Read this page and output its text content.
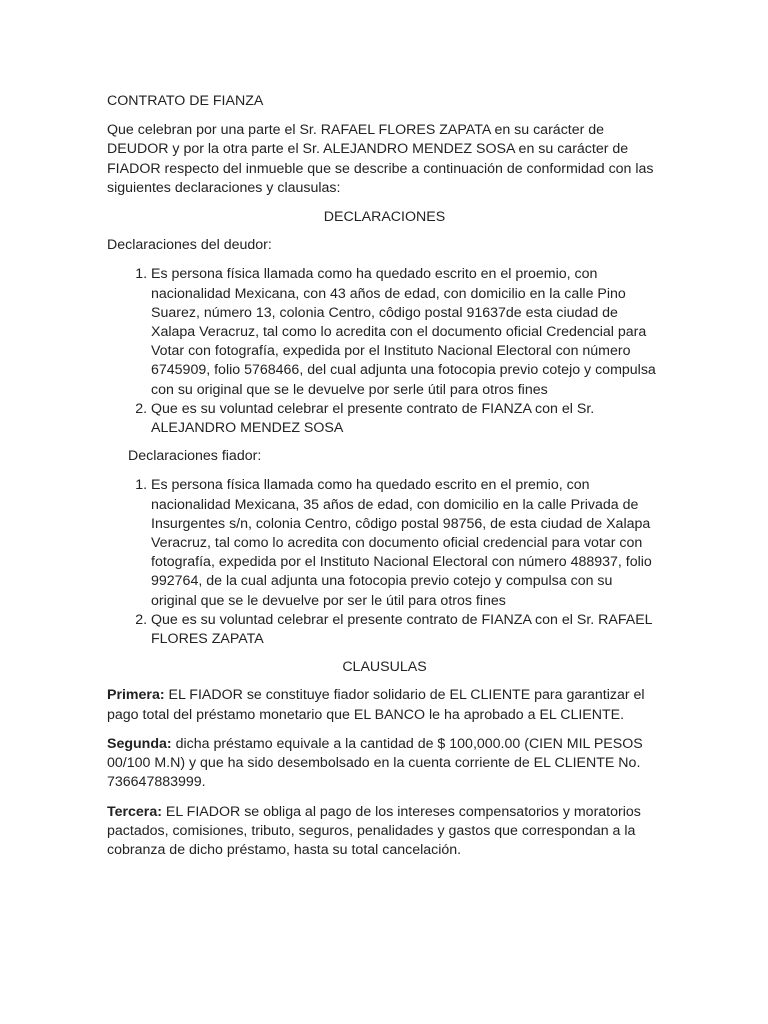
CONTRATO DE FIANZA

Que celebran por una parte el Sr. RAFAEL FLORES ZAPATA en su carácter de DEUDOR y por la otra parte el Sr. ALEJANDRO MENDEZ SOSA en su carácter de FIADOR respecto del inmueble que se describe a continuación de conformidad con las siguientes declaraciones y clausulas:

DECLARACIONES

Declaraciones del deudor:

1. Es persona física llamada como ha quedado escrito en el proemio, con nacionalidad Mexicana, con 43 años de edad, con domicilio en la calle Pino Suarez, número 13, colonia Centro, côdigo postal 91637de esta ciudad de Xalapa Veracruz, tal como lo acredita con el documento oficial Credencial para Votar con fotografía, expedida por el Instituto Nacional Electoral con número 6745909, folio 5768466, del cual adjunta una fotocopia previo cotejo y compulsa con su original que se le devuelve por serle útil para otros fines
2. Que es su voluntad celebrar el presente contrato de FIANZA con el Sr. ALEJANDRO MENDEZ SOSA

Declaraciones fiador:

1. Es persona física llamada como ha quedado escrito en el premio, con nacionalidad Mexicana, 35 años de edad, con domicilio en la calle Privada de Insurgentes s/n, colonia Centro, côdigo postal 98756, de esta ciudad de Xalapa Veracruz, tal como lo acredita con documento oficial credencial para votar con fotografía, expedida por el Instituto Nacional Electoral con número 488937, folio 992764, de la cual adjunta una fotocopia previo cotejo y compulsa con su original que se le devuelve por ser le útil para otros fines
2. Que es su voluntad celebrar el presente contrato de FIANZA con el Sr. RAFAEL FLORES ZAPATA

CLAUSULAS

Primera: EL FIADOR se constituye fiador solidario de EL CLIENTE para garantizar el pago total del préstamo monetario que EL BANCO le ha aprobado a EL CLIENTE.

Segunda: dicha préstamo equivale a la cantidad de $ 100,000.00 (CIEN MIL PESOS 00/100 M.N) y que ha sido desembolsado en la cuenta corriente de EL CLIENTE No. 736647883999.

Tercera: EL FIADOR se obliga al pago de los intereses compensatorios y moratorios pactados, comisiones, tributo, seguros, penalidades y gastos que correspondan a la cobranza de dicho préstamo, hasta su total cancelación.
